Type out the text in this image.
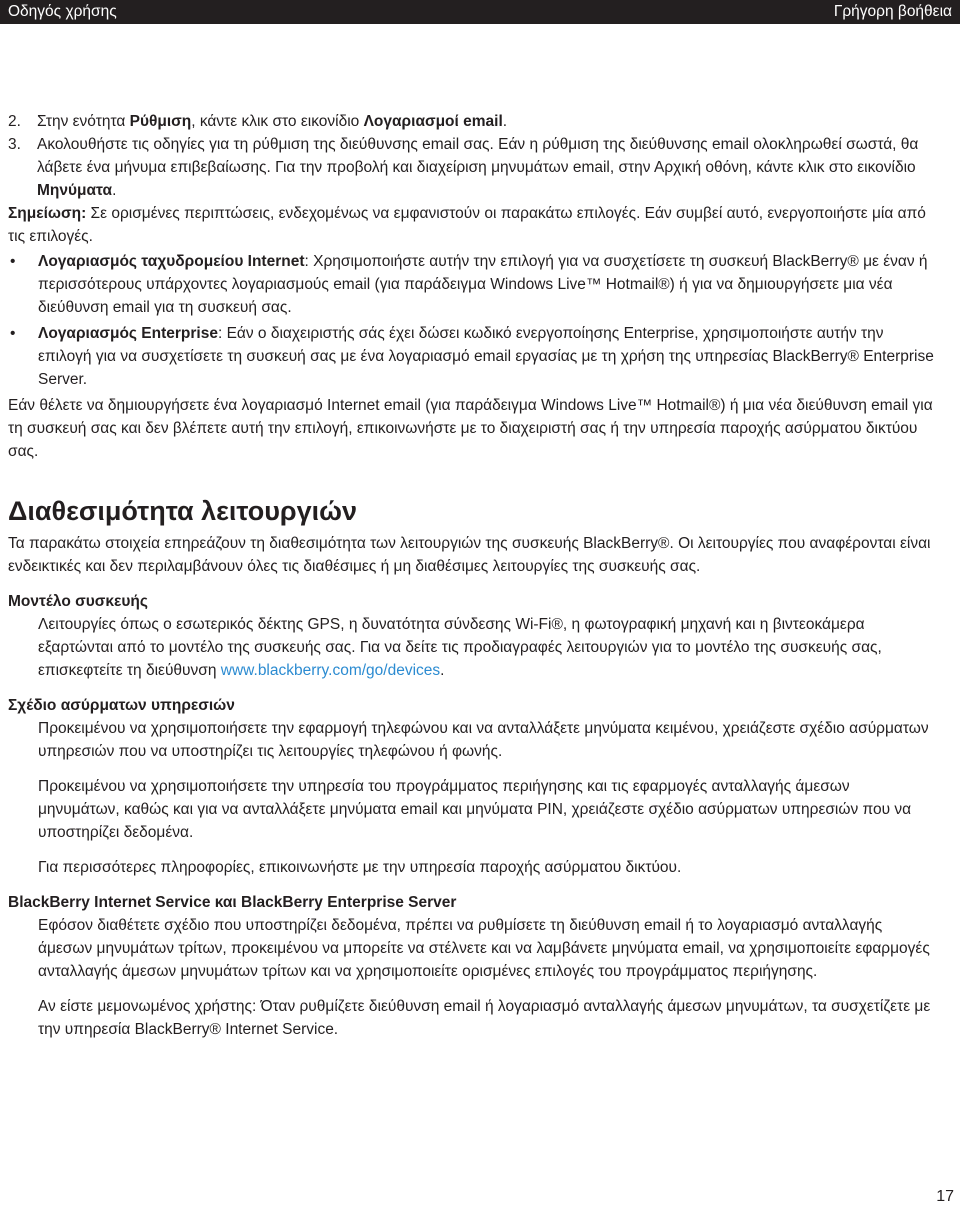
Οδηγός χρήσης	Γρήγορη βοήθεια
2. Στην ενότητα Ρύθμιση, κάντε κλικ στο εικονίδιο Λογαριασμοί email.
3. Ακολουθήστε τις οδηγίες για τη ρύθμιση της διεύθυνσης email σας. Εάν η ρύθμιση της διεύθυνσης email ολοκληρωθεί σωστά, θα λάβετε ένα μήνυμα επιβεβαίωσης. Για την προβολή και διαχείριση μηνυμάτων email, στην Αρχική οθόνη, κάντε κλικ στο εικονίδιο Μηνύματα.

Σημείωση: Σε ορισμένες περιπτώσεις, ενδεχομένως να εμφανιστούν οι παρακάτω επιλογές. Εάν συμβεί αυτό, ενεργοποιήστε μία από τις επιλογές.

• Λογαριασμός ταχυδρομείου Internet: Χρησιμοποιήστε αυτήν την επιλογή για να συσχετίσετε τη συσκευή BlackBerry® με έναν ή περισσότερους υπάρχοντες λογαριασμούς email (για παράδειγμα Windows Live™ Hotmail®) ή για να δημιουργήσετε μια νέα διεύθυνση email για τη συσκευή σας.
• Λογαριασμός Enterprise: Εάν ο διαχειριστής σάς έχει δώσει κωδικό ενεργοποίησης Enterprise, χρησιμοποιήστε αυτήν την επιλογή για να συσχετίσετε τη συσκευή σας με ένα λογαριασμό email εργασίας με τη χρήση της υπηρεσίας BlackBerry® Enterprise Server.

Εάν θέλετε να δημιουργήσετε ένα λογαριασμό Internet email (για παράδειγμα Windows Live™ Hotmail®) ή μια νέα διεύθυνση email για τη συσκευή σας και δεν βλέπετε αυτή την επιλογή, επικοινωνήστε με το διαχειριστή σας ή την υπηρεσία παροχής ασύρματου δικτύου σας.

Διαθεσιμότητα λειτουργιών

Τα παρακάτω στοιχεία επηρεάζουν τη διαθεσιμότητα των λειτουργιών της συσκευής BlackBerry®. Οι λειτουργίες που αναφέρονται είναι ενδεικτικές και δεν περιλαμβάνουν όλες τις διαθέσιμες ή μη διαθέσιμες λειτουργίες της συσκευής σας.

Μοντέλο συσκευής

Λειτουργίες όπως ο εσωτερικός δέκτης GPS, η δυνατότητα σύνδεσης Wi-Fi®, η φωτογραφική μηχανή και η βιντεοκάμερα εξαρτώνται από το μοντέλο της συσκευής σας. Για να δείτε τις προδιαγραφές λειτουργιών για το μοντέλο της συσκευής σας, επισκεφτείτε τη διεύθυνση www.blackberry.com/go/devices.

Σχέδιο ασύρματων υπηρεσιών

Προκειμένου να χρησιμοποιήσετε την εφαρμογή τηλεφώνου και να ανταλλάξετε μηνύματα κειμένου, χρειάζεστε σχέδιο ασύρματων υπηρεσιών που να υποστηρίζει τις λειτουργίες τηλεφώνου ή φωνής.

Προκειμένου να χρησιμοποιήσετε την υπηρεσία του προγράμματος περιήγησης και τις εφαρμογές ανταλλαγής άμεσων μηνυμάτων, καθώς και για να ανταλλάξετε μηνύματα email και μηνύματα PIN, χρειάζεστε σχέδιο ασύρματων υπηρεσιών που να υποστηρίζει δεδομένα.

Για περισσότερες πληροφορίες, επικοινωνήστε με την υπηρεσία παροχής ασύρματου δικτύου.

BlackBerry Internet Service και BlackBerry Enterprise Server

Εφόσον διαθέτετε σχέδιο που υποστηρίζει δεδομένα, πρέπει να ρυθμίσετε τη διεύθυνση email ή το λογαριασμό ανταλλαγής άμεσων μηνυμάτων τρίτων, προκειμένου να μπορείτε να στέλνετε και να λαμβάνετε μηνύματα email, να χρησιμοποιείτε εφαρμογές ανταλλαγής άμεσων μηνυμάτων τρίτων και να χρησιμοποιείτε ορισμένες επιλογές του προγράμματος περιήγησης.

Αν είστε μεμονωμένος χρήστης: Όταν ρυθμίζετε διεύθυνση email ή λογαριασμό ανταλλαγής άμεσων μηνυμάτων, τα συσχετίζετε με την υπηρεσία BlackBerry® Internet Service.

17
